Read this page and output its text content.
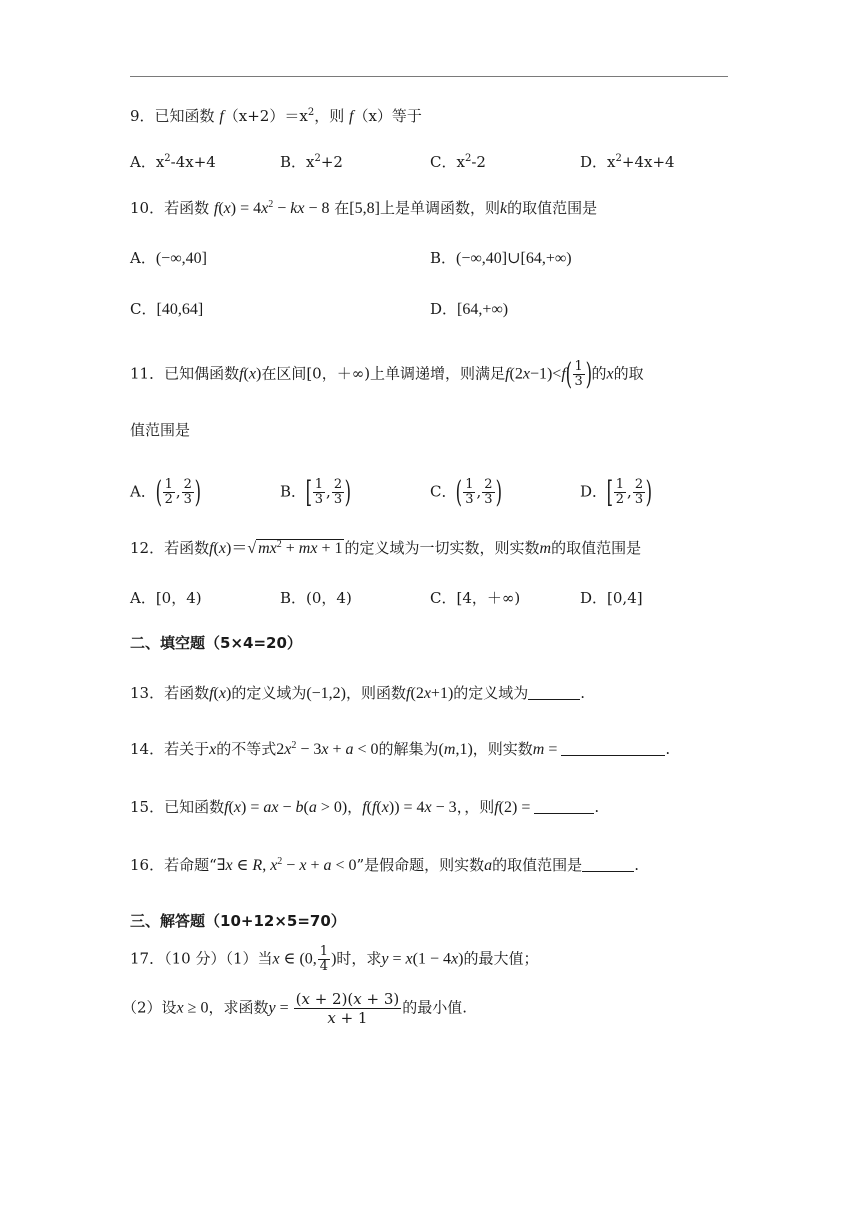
9．已知函数 $f(x+2)=x^2$，则 f（x）等于
A．$x^2-4x+4$	B．$x^2+2$	C．$x^2-2$	D．$x^2+4x+4$
10．若函数 $f(x) = 4x^2$ − kx − 8 在[5,8]上是单调函数，则k的取值范围是
A．(−∞,40]	B．(−∞,40]∪[64,+∞)
C．[40,64]	D．[64,+∞)
11．已知偶函数f(x)在区间[0，＋∞)上单调递增，则满足$f(2x-1)<f( \frac{1}{3}$ )的x的取
值范围是
A．( $\frac{1}{2}$ , $\frac{2}{3}$ )	B．[ $\frac{1}{3}$ , $\frac{2}{3}$ )	C．( $\frac{1}{3}$ , $\frac{2}{3}$ )	D．[ $\frac{1}{2}$ , $\frac{2}{3}$ )
12．若函数f(x)＝√ $mx^2$ + mx + 1 的定义域为一切实数，则实数m的取值范围是
A．[0，4)	B．(0，4)	C．[4，＋∞)	D．[0,4]
二、填空题（5×4=20）
13．若函数f(x)的定义域为(−1,2)，则函数f(2x+1)的定义域为	.
14．若关于x的不等式$2x^2 - 3x + a < 0$的解集为(m,1)，则实数m =	.
15．已知函数f(x) = ax − b(a > 0)，f(f(x)) = 4x − 3，，则f(2) =	.
16．若命题“∃x ∈ R, $x^2 - x + a < 0$”是假命题，则实数a的取值范围是	.
三、解答题（10+12×5=70）
17．（10 分）（1）当x ∈ (0, $\frac{1}{4}$ )时，求y = x(1 − 4x)的最大值；
（2）设x ≥ 0，求函数$y = \frac{(x + 2)(x + 3)}{x + 1}$ 的最小值.
